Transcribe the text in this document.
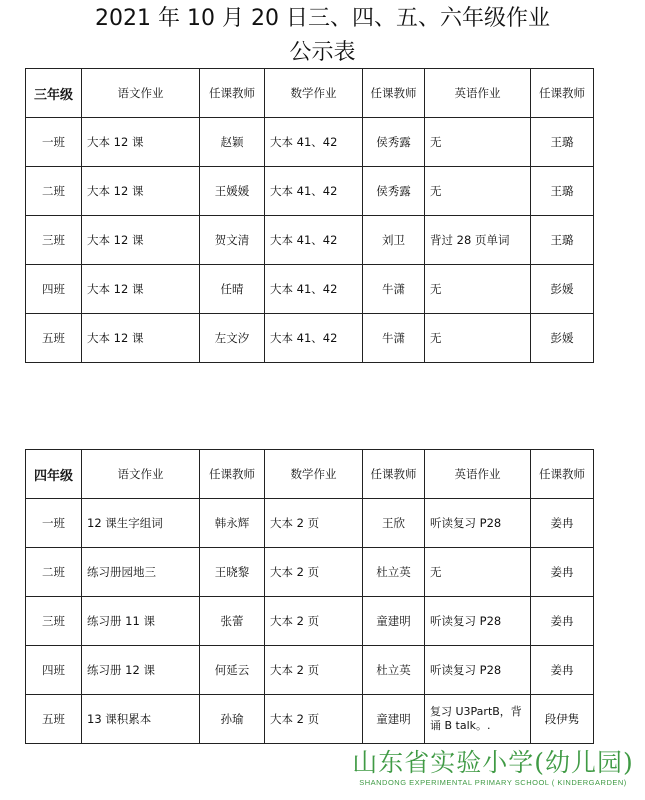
2021 年 10 月 20 日三、四、五、六年级作业
公示表
三年级	语文作业	任课教师	数学作业	任课教师	英语作业	任课教师
一班	大本 12 课	赵颖	大本 41、42	侯秀露	无	王璐
二班	大本 12 课	王媛媛	大本 41、42	侯秀露	无	王璐
三班	大本 12 课	贺文清	大本 41、42	刘卫	背过 28 页单词	王璐
四班	大本 12 课	任晴	大本 41、42	牛潇	无	彭媛
五班	大本 12 课	左文汐	大本 41、42	牛潇	无	彭媛
四年级	语文作业	任课教师	数学作业	任课教师	英语作业	任课教师
一班	12 课生字组词	韩永辉	大本 2 页	王欣	听读复习 P28	姜冉
二班	练习册园地三	王晓黎	大本 2 页	杜立英	无	姜冉
三班	练习册 11 课	张蕾	大本 2 页	童建明	听读复习 P28	姜冉
四班	练习册 12 课	何延云	大本 2 页	杜立英	听读复习 P28	姜冉
五班	13 课积累本	孙瑜	大本 2 页	童建明	复习 U3PartB，背诵 B talk。.	段伊隽
山东省实验小学(幼儿园)
SHANDONG EXPERIMENTAL PRIMARY SCHOOL ( KINDERGARDEN)
